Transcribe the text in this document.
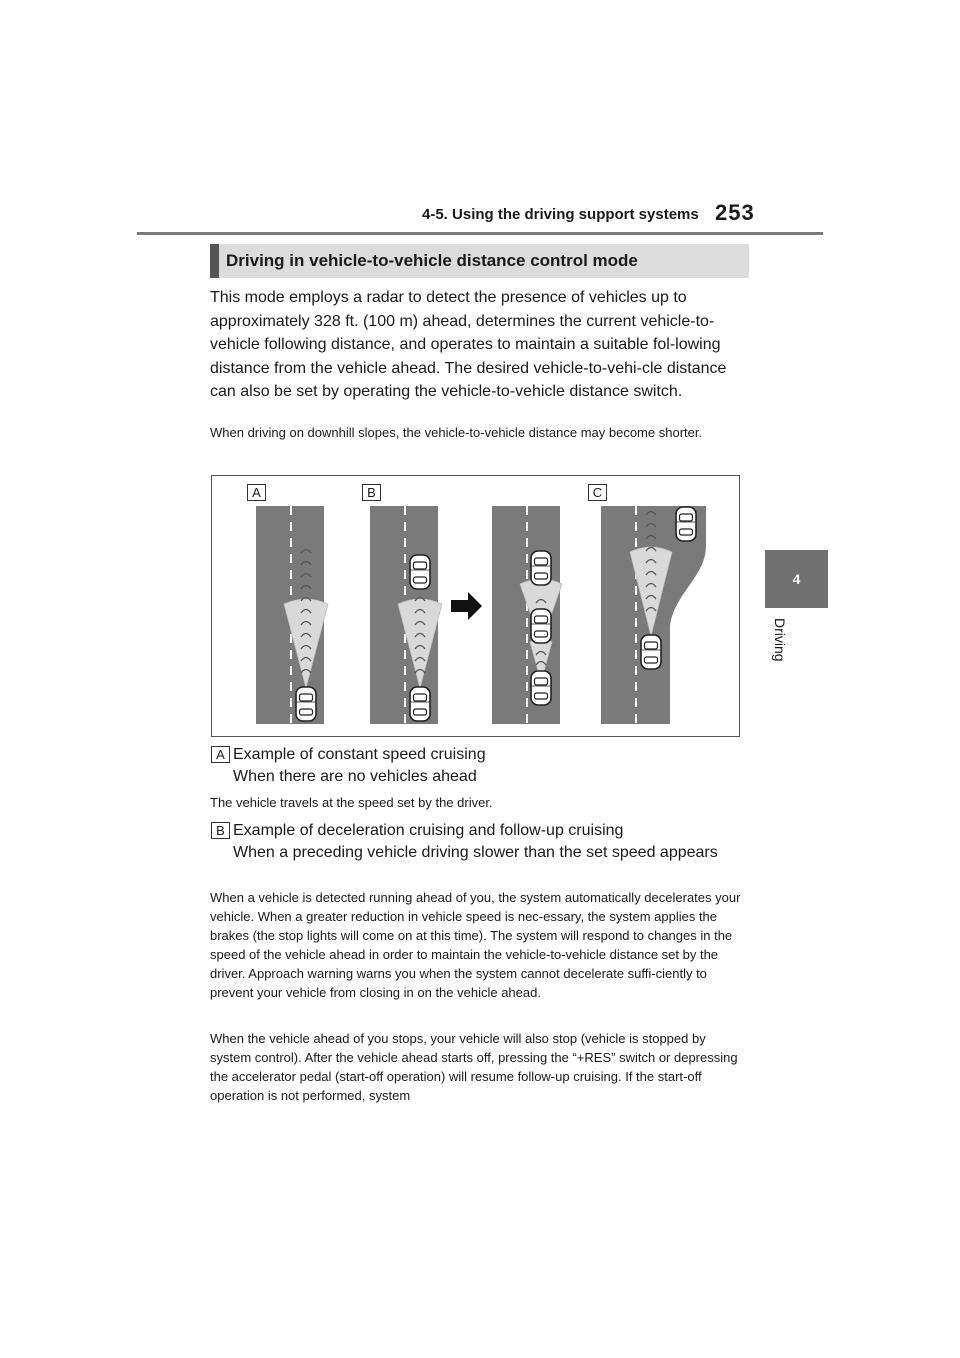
4-5. Using the driving support systems 253
4
Driving
Driving in vehicle-to-vehicle distance control mode

This mode employs a radar to detect the presence of vehicles up to approximately 328 ft. (100 m) ahead, determines the current vehicle-to-vehicle following distance, and operates to maintain a suitable fol-lowing distance from the vehicle ahead. The desired vehicle-to-vehi-cle distance can also be set by operating the vehicle-to-vehicle distance switch.

When driving on downhill slopes, the vehicle-to-vehicle distance may become shorter.

A	B	C
A Example of constant speed cruising

When there are no vehicles ahead

The vehicle travels at the speed set by the driver.

B Example of deceleration cruising and follow-up cruising

When a preceding vehicle driving slower than the set speed appears

When a vehicle is detected running ahead of you, the system automatically decelerates your vehicle. When a greater reduction in vehicle speed is nec-essary, the system applies the brakes (the stop lights will come on at this time). The system will respond to changes in the speed of the vehicle ahead in order to maintain the vehicle-to-vehicle distance set by the driver. Approach warning warns you when the system cannot decelerate suffi-ciently to prevent your vehicle from closing in on the vehicle ahead.

When the vehicle ahead of you stops, your vehicle will also stop (vehicle is stopped by system control). After the vehicle ahead starts off, pressing the “+RES” switch or depressing the accelerator pedal (start-off operation) will resume follow-up cruising. If the start-off operation is not performed, system
